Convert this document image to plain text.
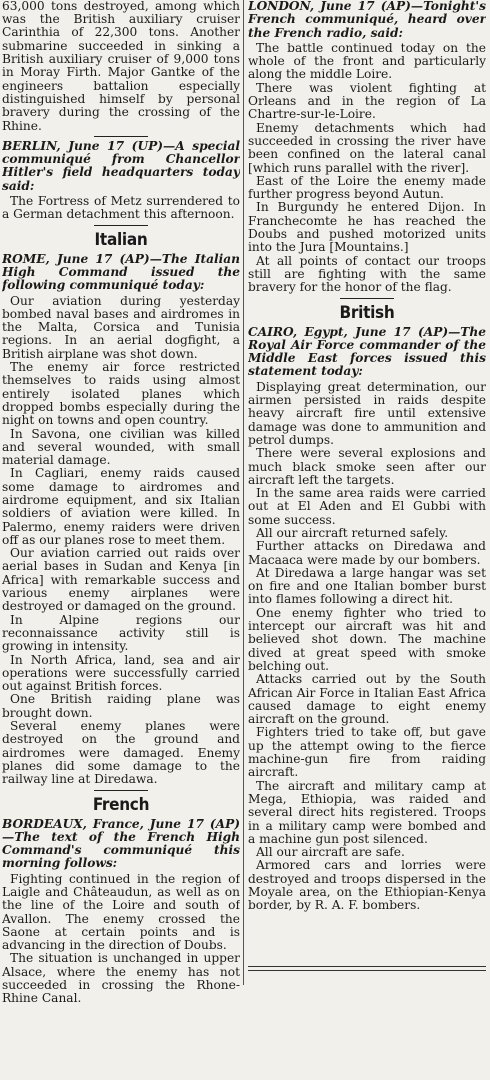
63,000 tons destroyed, among which was the British auxiliary cruiser Carinthia of 22,300 tons. Another submarine succeeded in sinking a British auxiliary cruiser of 9,000 tons in Moray Firth. Major Gantke of the engineers battalion especially distinguished himself by personal bravery during the crossing of the Rhine.

BERLIN, June 17 (UP)—A special communiqué from Chancellor Hitler's field headquarters today said:

The Fortress of Metz surrendered to a German detachment this afternoon.

Italian

ROME, June 17 (AP)—The Italian High Command issued the following communiqué today:

Our aviation during yesterday bombed naval bases and airdromes in the Malta, Corsica and Tunisia regions. In an aerial dogfight, a British airplane was shot down.

The enemy air force restricted themselves to raids using almost entirely isolated planes which dropped bombs especially during the night on towns and open country.

In Savona, one civilian was killed and several wounded, with small material damage.

In Cagliari, enemy raids caused some damage to airdromes and airdrome equipment, and six Italian soldiers of aviation were killed. In Palermo, enemy raiders were driven off as our planes rose to meet them.

Our aviation carried out raids over aerial bases in Sudan and Kenya [in Africa] with remarkable success and various enemy airplanes were destroyed or damaged on the ground.

In Alpine regions our reconnaissance activity still is growing in intensity.

In North Africa, land, sea and air operations were successfully carried out against British forces.

One British raiding plane was brought down.

Several enemy planes were destroyed on the ground and airdromes were damaged. Enemy planes did some damage to the railway line at Diredawa.

French

BORDEAUX, France, June 17 (AP)—The text of the French High Command's communiqué this morning follows:

Fighting continued in the region of Laigle and Châteaudun, as well as on the line of the Loire and south of Avallon. The enemy crossed the Saone at certain points and is advancing in the direction of Doubs.

The situation is unchanged in upper Alsace, where the enemy has not succeeded in crossing the Rhone-Rhine Canal.

LONDON, June 17 (AP)—Tonight's French communiqué, heard over the French radio, said:

The battle continued today on the whole of the front and particularly along the middle Loire.

There was violent fighting at Orleans and in the region of La Chartre-sur-le-Loire.

Enemy detachments which had succeeded in crossing the river have been confined on the lateral canal [which runs parallel with the river].

East of the Loire the enemy made further progress beyond Autun.

In Burgundy he entered Dijon. In Franchecomte he has reached the Doubs and pushed motorized units into the Jura [Mountains.]

At all points of contact our troops still are fighting with the same bravery for the honor of the flag.

British

CAIRO, Egypt, June 17 (AP)—The Royal Air Force commander of the Middle East forces issued this statement today:

Displaying great determination, our airmen persisted in raids despite heavy aircraft fire until extensive damage was done to ammunition and petrol dumps.

There were several explosions and much black smoke seen after our aircraft left the targets.

In the same area raids were carried out at El Aden and El Gubbi with some success.

All our aircraft returned safely.

Further attacks on Diredawa and Macaaca were made by our bombers.

At Diredawa a large hangar was set on fire and one Italian bomber burst into flames following a direct hit.

One enemy fighter who tried to intercept our aircraft was hit and believed shot down. The machine dived at great speed with smoke belching out.

Attacks carried out by the South African Air Force in Italian East Africa caused damage to eight enemy aircraft on the ground.

Fighters tried to take off, but gave up the attempt owing to the fierce machine-gun fire from raiding aircraft.

The aircraft and military camp at Mega, Ethiopia, was raided and several direct hits registered. Troops in a military camp were bombed and a machine gun post silenced.

All our aircraft are safe.

Armored cars and lorries were destroyed and troops dispersed in the Moyale area, on the Ethiopian-Kenya border, by R. A. F. bombers.
